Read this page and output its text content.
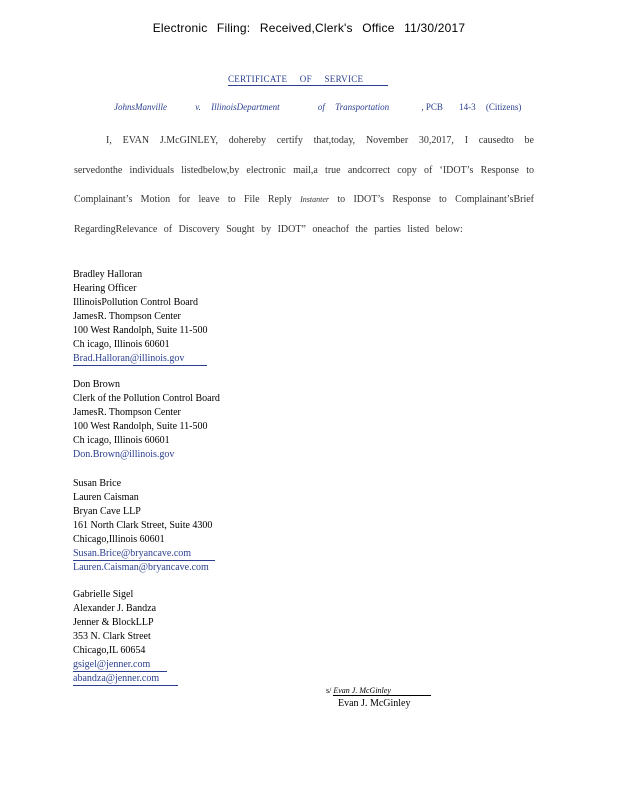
Electronic Filing: Received,Clerk's Office 11/30/2017
CERTIFICATE OF SERVICE
JohnsManville	v. IllinoisDepartment	of Transportation	, PCB 14-3 (Citizens)
I, EVAN J.McGINLEY, dohereby certify that,today, November 30,2017, I causedto be servedonthe individuals listedbelow,by electronic mail,a true andcorrect copy of ‘IDOT’s Response to Complainant’s Motion for leave to File Reply Instanter to IDOT’s Response to Complainant’sBrief RegardingRelevance of Discovery Sought by IDOT” oneachof the parties listed below:
Bradley Halloran
Hearing Officer
IllinoisPollution Control Board
JamesR. Thompson Center
100 West Randolph, Suite 11-500
Ch icago, Illinois 60601
Brad.Halloran@illinois.gov
Don Brown
Clerk of the Pollution Control Board
JamesR. Thompson Center
100 West Randolph, Suite 11-500
Ch icago, Illinois 60601
Don.Brown@illinois.gov
Susan Brice
Lauren Caisman
Bryan Cave LLP
161 North Clark Street, Suite 4300
Chicago,Illinois 60601
Susan.Brice@bryancave.com
Lauren.Caisman@bryancave.com
Gabrielle Sigel
Alexander J. Bandza
Jenner & BlockLLP
353 N. Clark Street
Chicago,IL 60654
gsigel@jenner.com
abandza@jenner.com
s/ Evan J. McGinley
Evan J. McGinley
